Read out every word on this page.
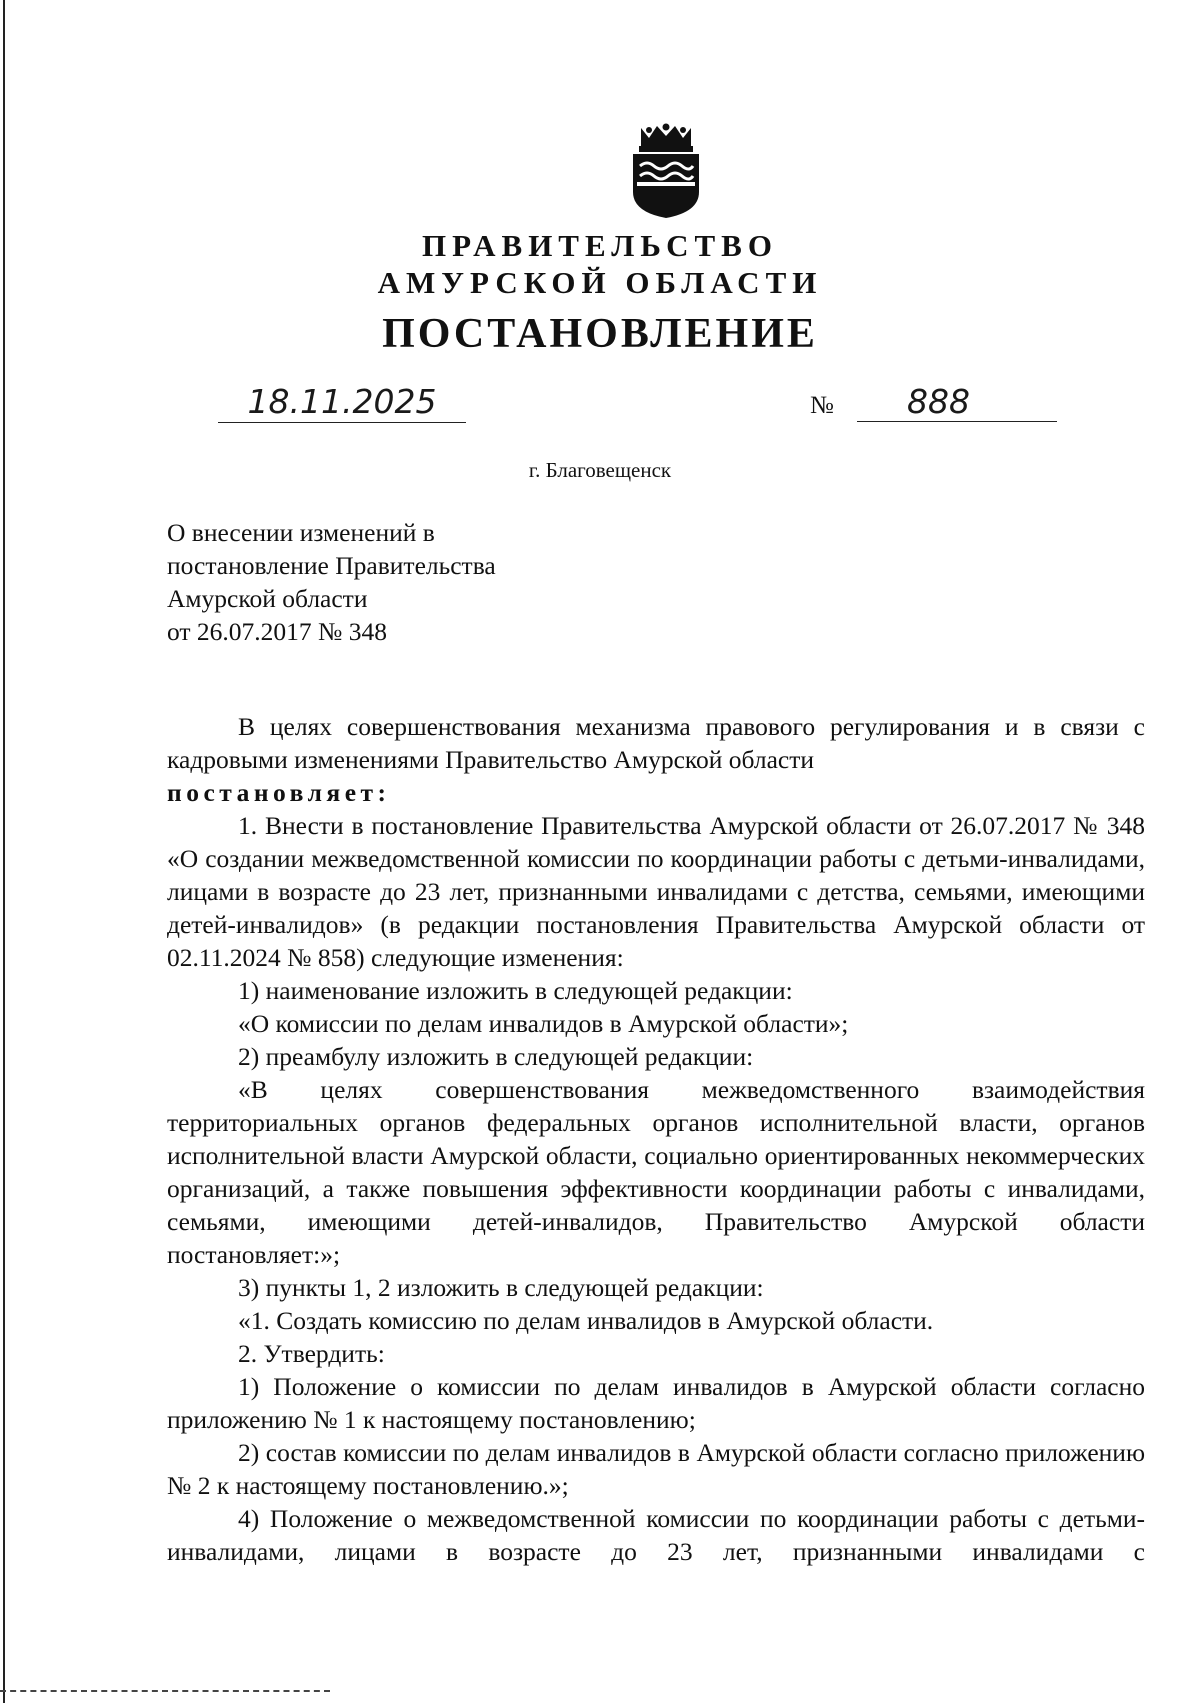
ПРАВИТЕЛЬСТВО
АМУРСКОЙ ОБЛАСТИ
ПОСТАНОВЛЕНИЕ
18.11.2025	№	888
г. Благовещенск
О внесении изменений в
постановление Правительства
Амурской области
от 26.07.2017 № 348

В целях совершенствования механизма правового регулирования и в связи с кадровыми изменениями Правительство Амурской области

постановляет:

1. Внести в постановление Правительства Амурской области от 26.07.2017 № 348 «О создании межведомственной комиссии по координации работы с детьми-инвалидами, лицами в возрасте до 23 лет, признанными инвалидами с детства, семьями, имеющими детей-инвалидов» (в редакции постановления Правительства Амурской области от 02.11.2024 № 858) следующие изменения:

1) наименование изложить в следующей редакции:

«О комиссии по делам инвалидов в Амурской области»;

2) преамбулу изложить в следующей редакции:

«В целях совершенствования межведомственного взаимодействия территориальных органов федеральных органов исполнительной власти, органов исполнительной власти Амурской области, социально ориентированных некоммерческих организаций, а также повышения эффективности координации работы с инвалидами, семьями, имеющими детей-инвалидов, Правительство Амурской области постановляет:»;

3) пункты 1, 2 изложить в следующей редакции:

«1. Создать комиссию по делам инвалидов в Амурской области.

2. Утвердить:

1) Положение о комиссии по делам инвалидов в Амурской области согласно приложению № 1 к настоящему постановлению;

2) состав комиссии по делам инвалидов в Амурской области согласно приложению № 2 к настоящему постановлению.»;

4) Положение о межведомственной комиссии по координации работы с детьми-инвалидами, лицами в возрасте до 23 лет, признанными инвалидами с
